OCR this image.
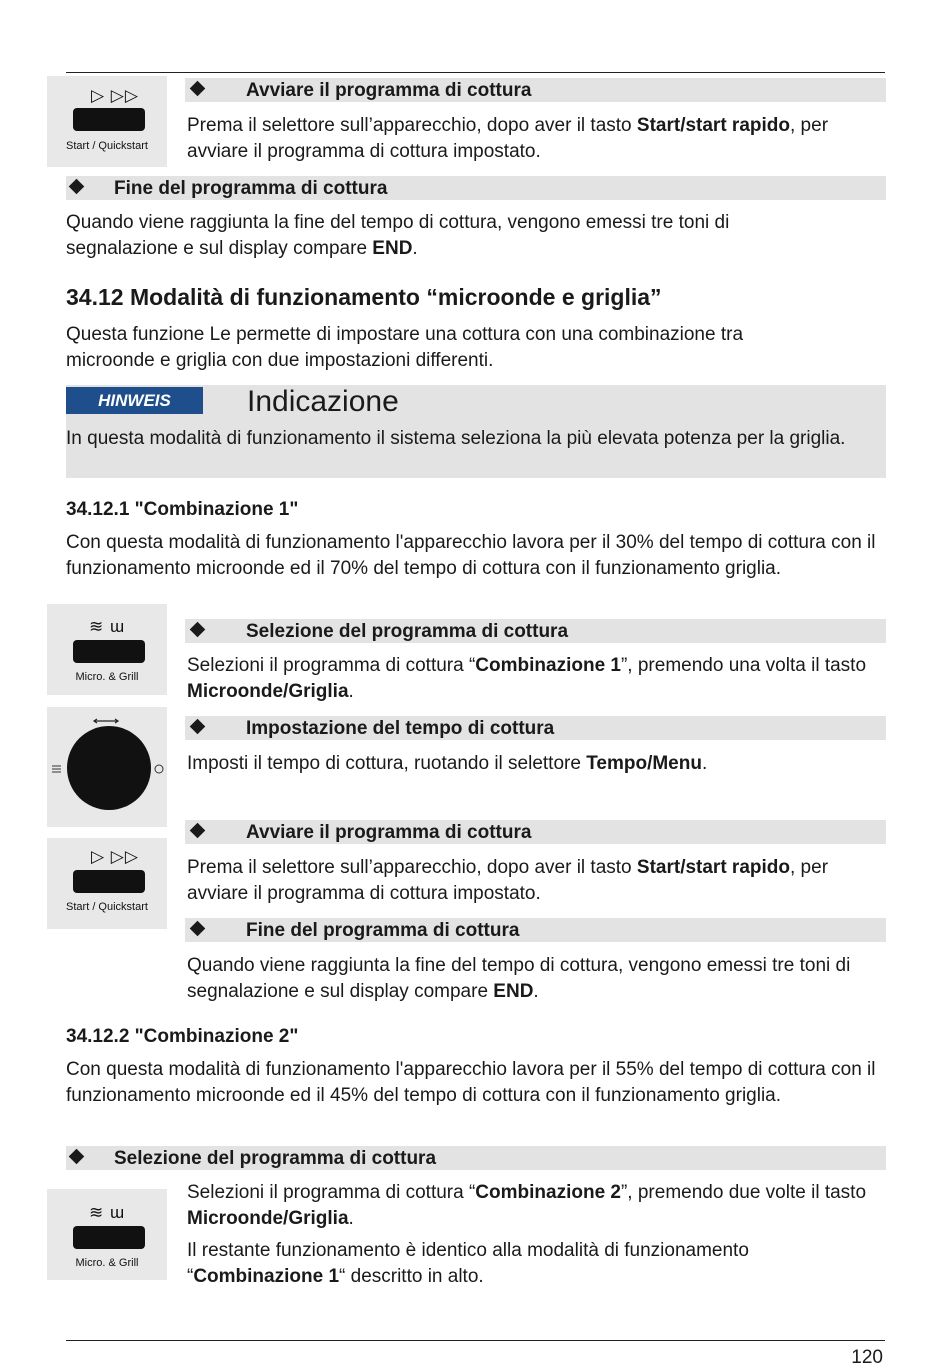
▷ ▷▷
Start / Quickstart
Avviare il programma di cottura
Prema il selettore sull’apparecchio, dopo aver il tasto Start/start rapido, per avviare il programma di cottura impostato.
Fine del programma di cottura
Quando viene raggiunta la fine del tempo di cottura, vengono emessi tre toni di segnalazione e sul display compare END.
34.12 Modalità di funzionamento “microonde e griglia”
Questa funzione Le permette di impostare una cottura con una combinazione tra microonde e griglia con due impostazioni differenti.
HINWEIS	Indicazione
In questa modalità di funzionamento il sistema seleziona la più elevata potenza per la griglia.
34.12.1 "Combinazione 1"
Con questa modalità di funzionamento l'apparecchio lavora per il 30% del tempo di cottura con il funzionamento microonde ed il 70% del tempo di cottura con il funzionamento griglia.
≋ ɯ
Micro. & Grill
Selezione del programma di cottura
Selezioni il programma di cottura “Combinazione 1”, premendo una volta il tasto Microonde/Griglia.
Impostazione del tempo di cottura
Imposti il tempo di cottura, ruotando il selettore Tempo/Menu.
Avviare il programma di cottura
▷ ▷▷
Start / Quickstart
Prema il selettore sull’apparecchio, dopo aver il tasto Start/start rapido, per avviare il programma di cottura impostato.
Fine del programma di cottura
Quando viene raggiunta la fine del tempo di cottura, vengono emessi tre toni di segnalazione e sul display compare END.
34.12.2 "Combinazione 2"
Con questa modalità di funzionamento l'apparecchio lavora per il 55% del tempo di cottura con il funzionamento microonde ed il 45% del tempo di cottura con il funzionamento griglia.
Selezione del programma di cottura
≋ ɯ
Micro. & Grill
Selezioni il programma di cottura “Combinazione 2”, premendo due volte il tasto Microonde/Griglia.
Il restante funzionamento è identico alla modalità di funzionamento “Combinazione 1“ descritto in alto.
120
